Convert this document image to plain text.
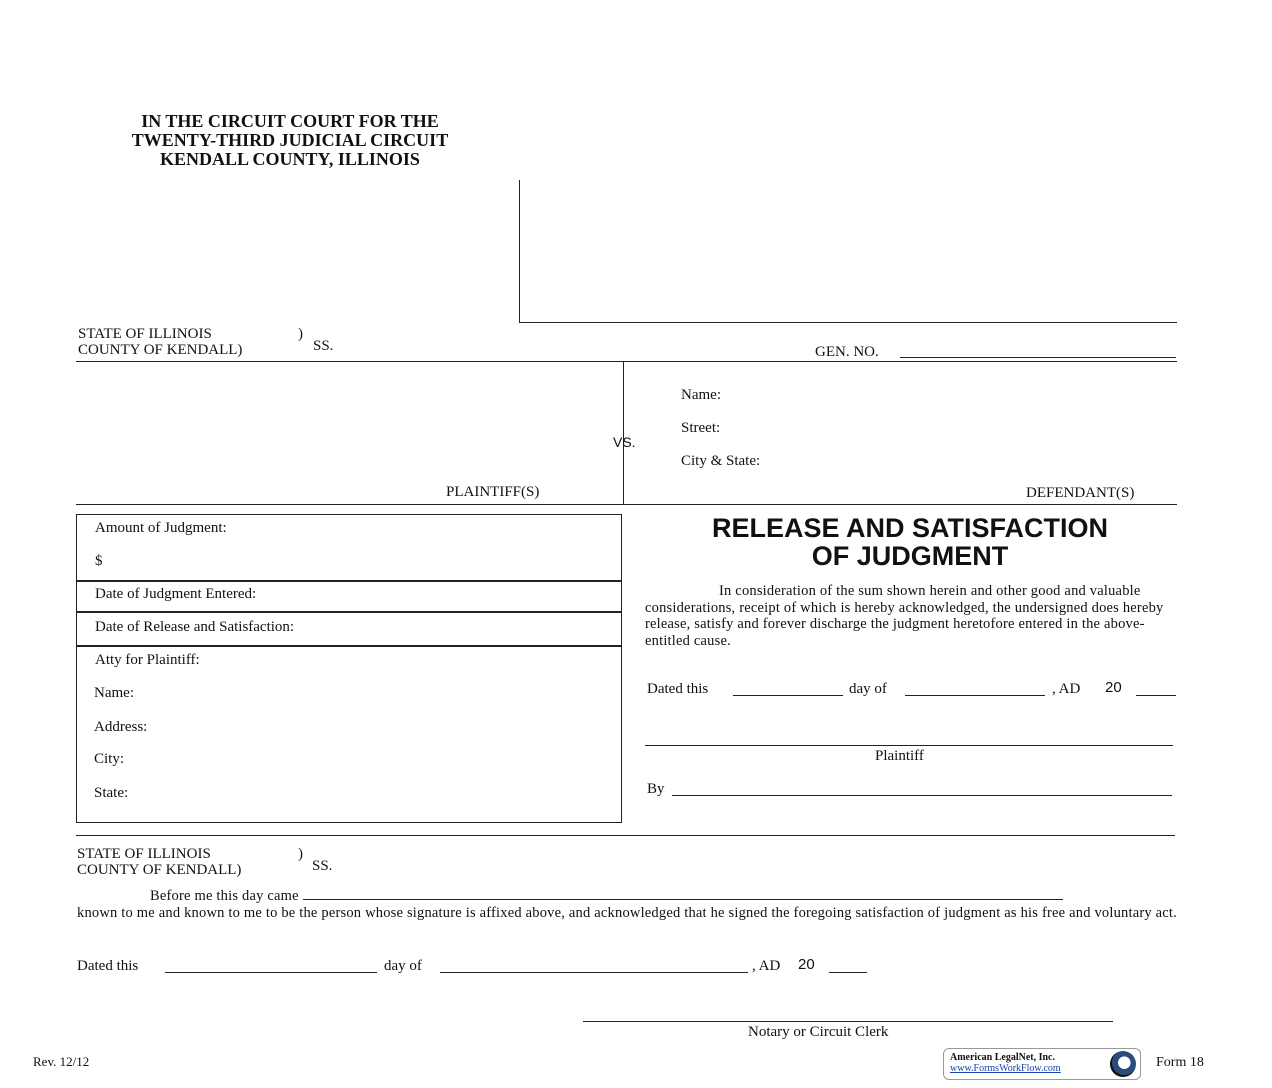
IN THE CIRCUIT COURT FOR THE
TWENTY-THIRD JUDICIAL CIRCUIT
KENDALL COUNTY, ILLINOIS
STATE OF ILLINOIS	)
COUNTY OF KENDALL)	SS.	GEN. NO.
VS.
Name:
Street:
City & State:
PLAINTIFF(S)	DEFENDANT(S)
Amount of Judgment:
$
Date of Judgment Entered:
Date of Release and Satisfaction:
Atty for Plaintiff:
Name:
Address:
City:
State:
RELEASE AND SATISFACTION
OF JUDGMENT
In consideration of the sum shown herein and other good and valuable considerations, receipt of which is hereby acknowledged, the undersigned does hereby release, satisfy and forever discharge the judgment heretofore entered in the above-entitled cause.
Dated this	day of	, AD 20
Plaintiff
By
STATE OF ILLINOIS	)
COUNTY OF KENDALL)	SS.
Before me this day came
known to me and known to me to be the person whose signature is affixed above, and acknowledged that he signed the foregoing satisfaction of judgment as his free and voluntary act.
Dated this	day of	, AD 20
Notary or Circuit Clerk
Rev. 12/12	American LegalNet, Inc.
www.FormsWorkFlow.com	Form 18
